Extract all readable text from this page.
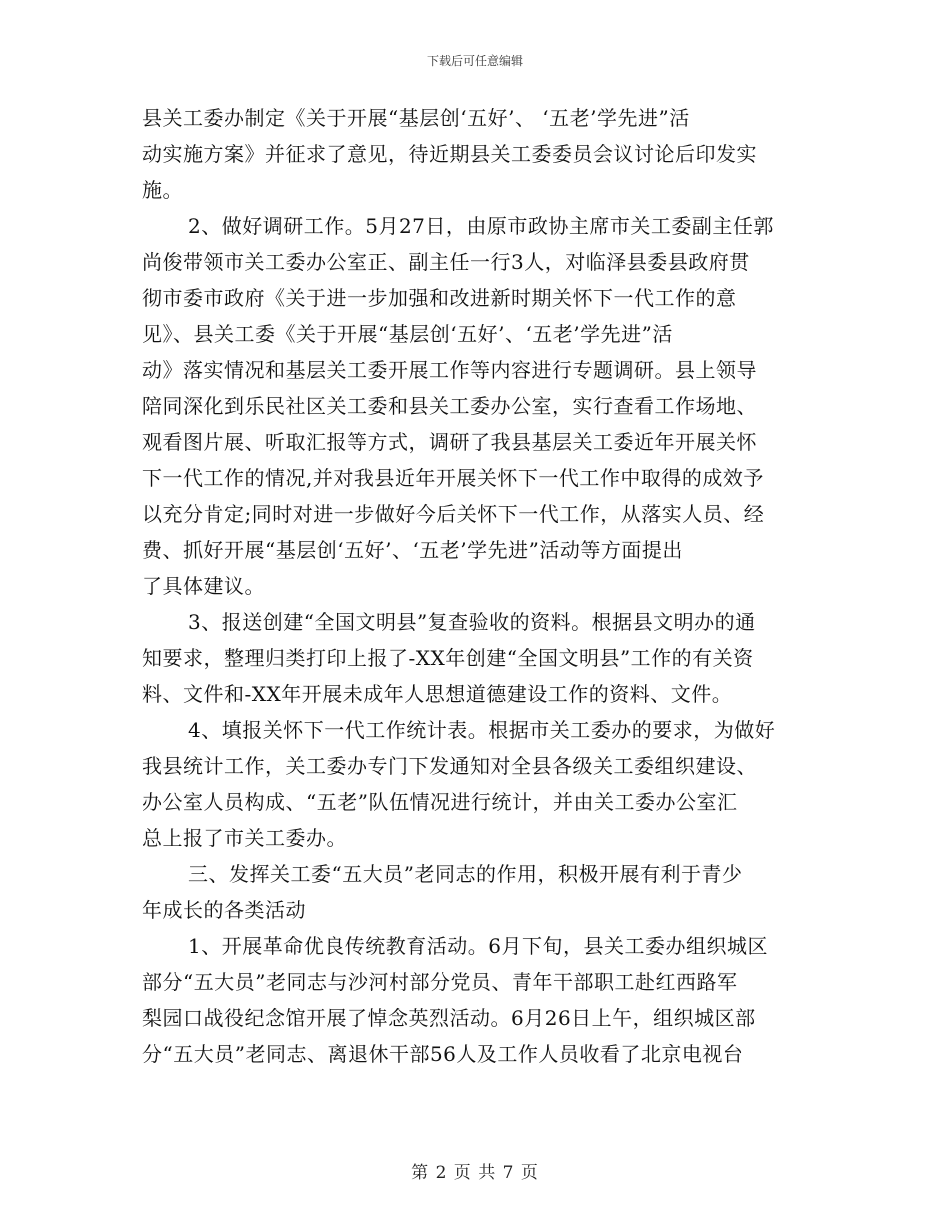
下载后可任意编辑
县关工委办制定《关于开展“基层创‘五好’、 ‘五老’学先进”活
动实施方案》并征求了意见，待近期县关工委委员会议讨论后印发实
施。
2、做好调研工作。5月27日，由原市政协主席市关工委副主任郭
尚俊带领市关工委办公室正、副主任一行3人，对临泽县委县政府贯
彻市委市政府《关于进一步加强和改进新时期关怀下一代工作的意
见》、县关工委《关于开展“基层创‘五好’、‘五老’学先进”活
动》落实情况和基层关工委开展工作等内容进行专题调研。县上领导
陪同深化到乐民社区关工委和县关工委办公室，实行查看工作场地、
观看图片展、听取汇报等方式，调研了我县基层关工委近年开展关怀
下一代工作的情况,并对我县近年开展关怀下一代工作中取得的成效予
以充分肯定;同时对进一步做好今后关怀下一代工作，从落实人员、经
费、抓好开展“基层创‘五好’、‘五老’学先进”活动等方面提出
了具体建议。
3、报送创建“全国文明县”复查验收的资料。根据县文明办的通
知要求，整理归类打印上报了-XX年创建“全国文明县”工作的有关资
料、文件和-XX年开展未成年人思想道德建设工作的资料、文件。
4、填报关怀下一代工作统计表。根据市关工委办的要求，为做好
我县统计工作，关工委办专门下发通知对全县各级关工委组织建设、
办公室人员构成、“五老”队伍情况进行统计，并由关工委办公室汇
总上报了市关工委办。
三、发挥关工委“五大员”老同志的作用，积极开展有利于青少
年成长的各类活动
1、开展革命优良传统教育活动。6月下旬，县关工委办组织城区
部分“五大员”老同志与沙河村部分党员、青年干部职工赴红西路军
梨园口战役纪念馆开展了悼念英烈活动。6月26日上午，组织城区部
分“五大员”老同志、离退休干部56人及工作人员收看了北京电视台
第 2 页 共 7 页
